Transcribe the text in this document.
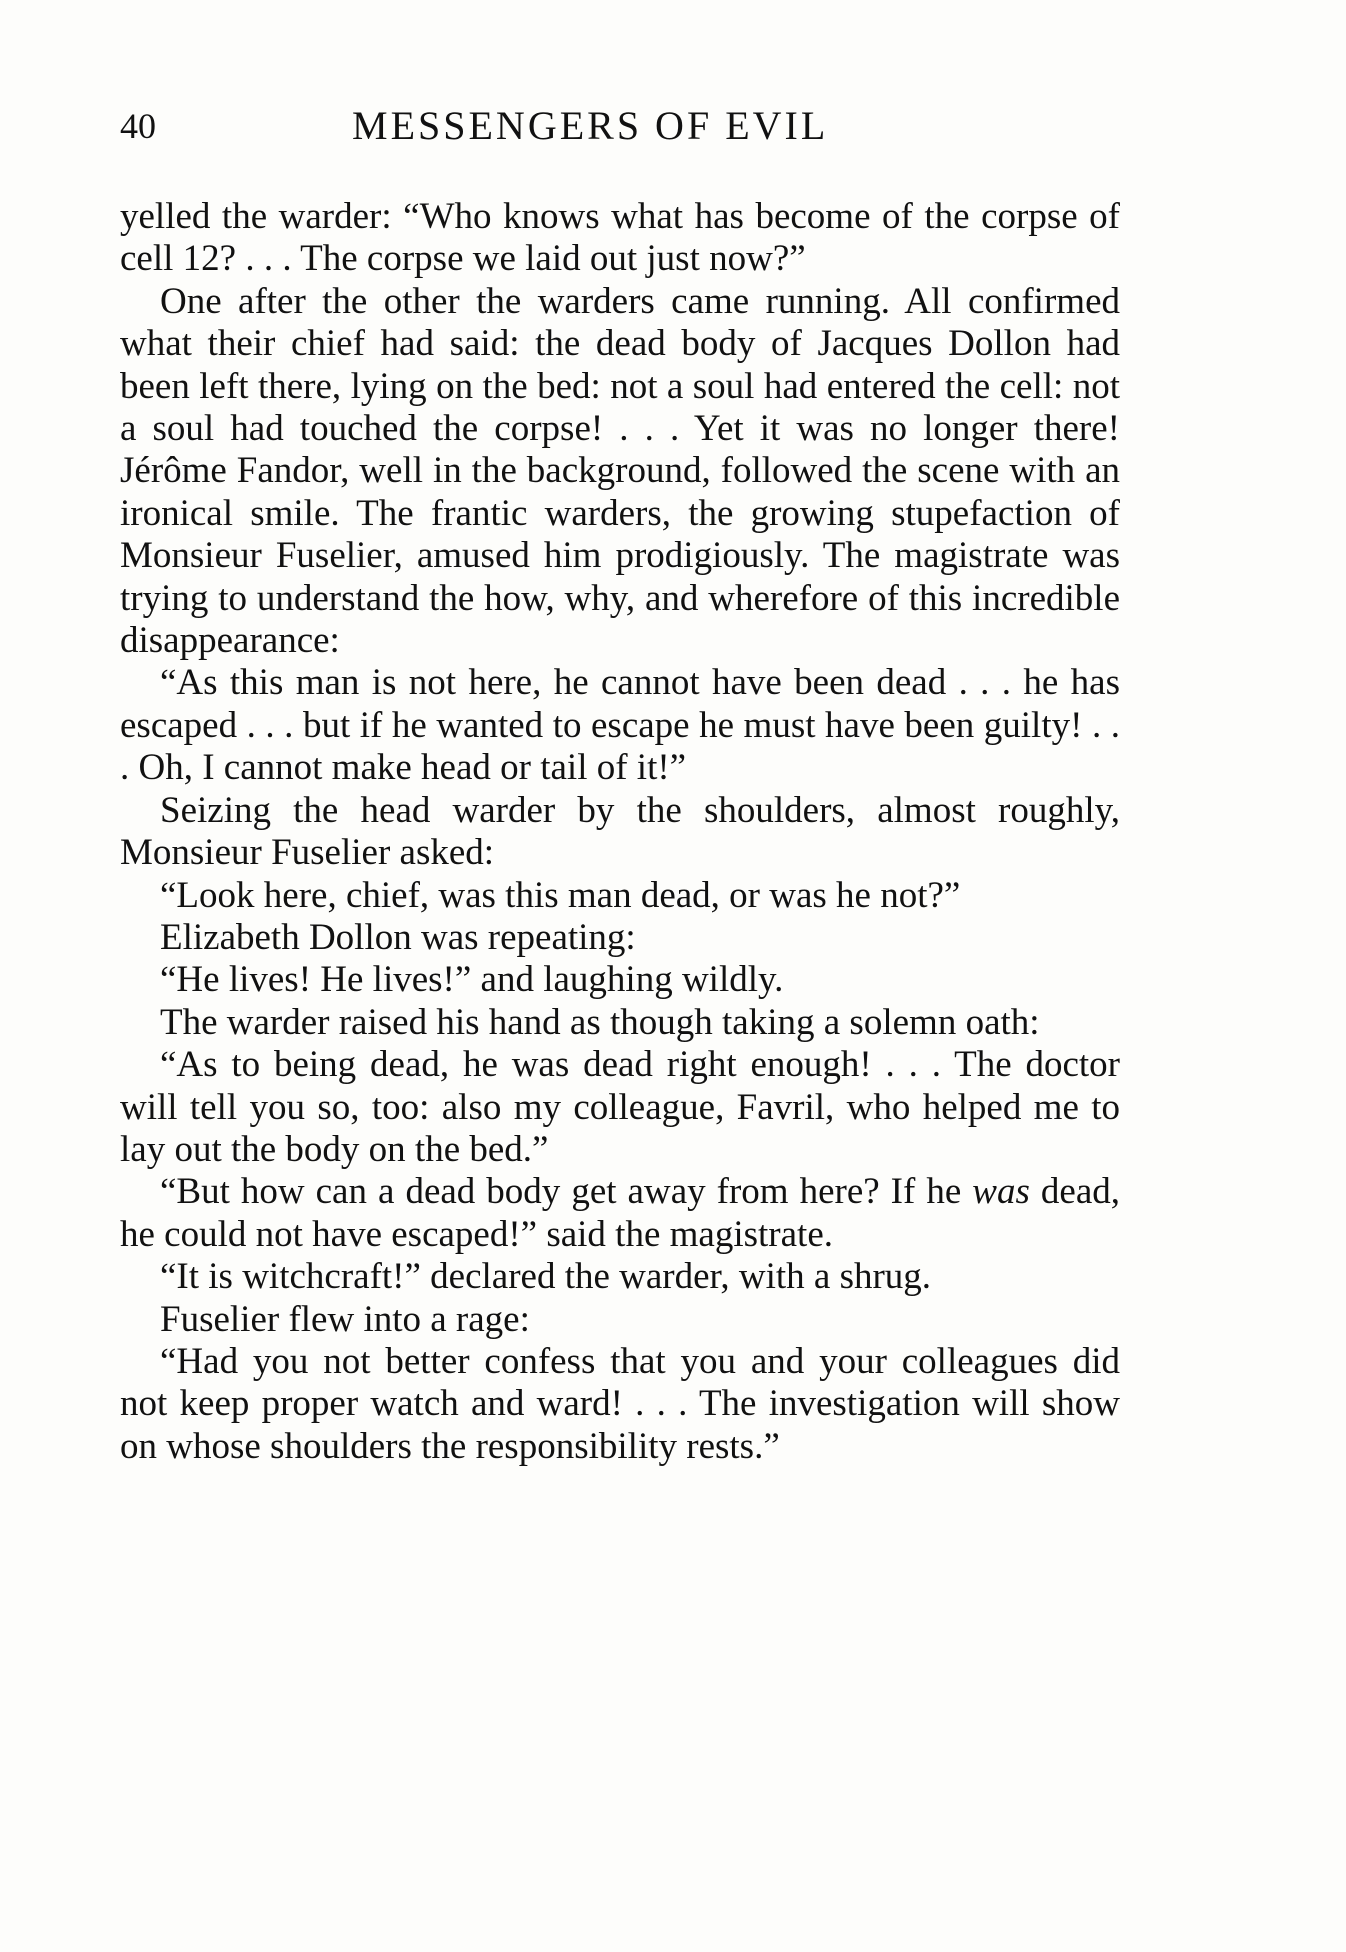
40	MESSENGERS OF EVIL

yelled the warder: “Who knows what has become of the corpse of cell 12? . . . The corpse we laid out just now?”

One after the other the warders came running. All confirmed what their chief had said: the dead body of Jacques Dollon had been left there, lying on the bed: not a soul had entered the cell: not a soul had touched the corpse! . . . Yet it was no longer there! Jérôme Fandor, well in the background, followed the scene with an ironical smile. The frantic warders, the growing stupefaction of Monsieur Fuselier, amused him prodigiously. The magistrate was trying to understand the how, why, and wherefore of this incredible disappearance:

“As this man is not here, he cannot have been dead . . . he has escaped . . . but if he wanted to escape he must have been guilty! . . . Oh, I cannot make head or tail of it!”

Seizing the head warder by the shoulders, almost roughly, Monsieur Fuselier asked:

“Look here, chief, was this man dead, or was he not?”

Elizabeth Dollon was repeating:

“He lives! He lives!” and laughing wildly.

The warder raised his hand as though taking a solemn oath:

“As to being dead, he was dead right enough! . . . The doctor will tell you so, too: also my colleague, Favril, who helped me to lay out the body on the bed.”

“But how can a dead body get away from here? If he was dead, he could not have escaped!” said the magistrate.

“It is witchcraft!” declared the warder, with a shrug.

Fuselier flew into a rage:

“Had you not better confess that you and your colleagues did not keep proper watch and ward! . . . The investigation will show on whose shoulders the responsibility rests.”
